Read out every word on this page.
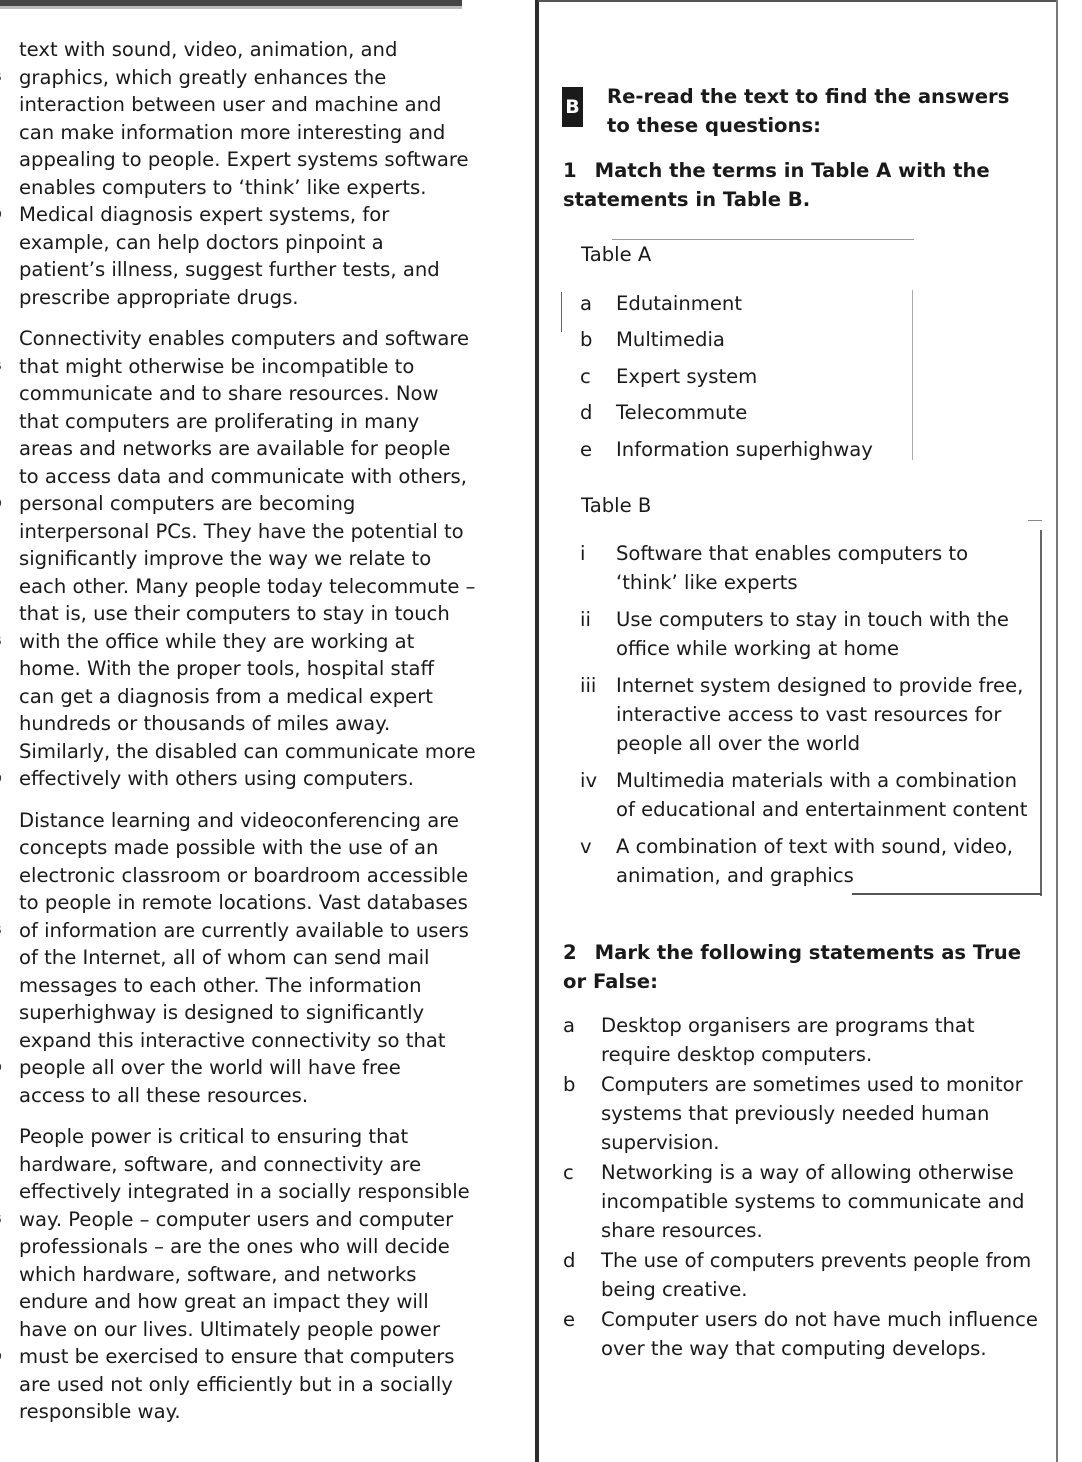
text with sound, video, animation, and
graphics, which greatly enhances the
interaction between user and machine and
can make information more interesting and
appealing to people. Expert systems software
enables computers to ‘think’ like experts.
Medical diagnosis expert systems, for
example, can help doctors pinpoint a
patient’s illness, suggest further tests, and
prescribe appropriate drugs.
Connectivity enables computers and software
that might otherwise be incompatible to
communicate and to share resources. Now
that computers are proliferating in many
areas and networks are available for people
to access data and communicate with others,
personal computers are becoming
interpersonal PCs. They have the potential to
significantly improve the way we relate to
each other. Many people today telecommute –
that is, use their computers to stay in touch
with the office while they are working at
home. With the proper tools, hospital staff
can get a diagnosis from a medical expert
hundreds or thousands of miles away.
Similarly, the disabled can communicate more
effectively with others using computers.
Distance learning and videoconferencing are
concepts made possible with the use of an
electronic classroom or boardroom accessible
to people in remote locations. Vast databases
of information are currently available to users
of the Internet, all of whom can send mail
messages to each other. The information
superhighway is designed to significantly
expand this interactive connectivity so that
people all over the world will have free
access to all these resources.
People power is critical to ensuring that
hardware, software, and connectivity are
effectively integrated in a socially responsible
way. People – computer users and computer
professionals – are the ones who will decide
which hardware, software, and networks
endure and how great an impact they will
have on our lives. Ultimately people power
must be exercised to ensure that computers
are used not only efficiently but in a socially
responsible way.
B Re-read the text to find the answers to these questions:
1 Match the terms in Table A with the statements in Table B.
Table A
a Edutainment
b Multimedia
c Expert system
d Telecommute
e Information superhighway
Table B
i Software that enables computers to ‘think’ like experts
ii Use computers to stay in touch with the office while working at home
iii Internet system designed to provide free, interactive access to vast resources for people all over the world
iv Multimedia materials with a combination of educational and entertainment content
v A combination of text with sound, video, animation, and graphics
2 Mark the following statements as True or False:
a Desktop organisers are programs that require desktop computers.
b Computers are sometimes used to monitor systems that previously needed human supervision.
c Networking is a way of allowing otherwise incompatible systems to communicate and share resources.
d The use of computers prevents people from being creative.
e Computer users do not have much influence over the way that computing develops.
